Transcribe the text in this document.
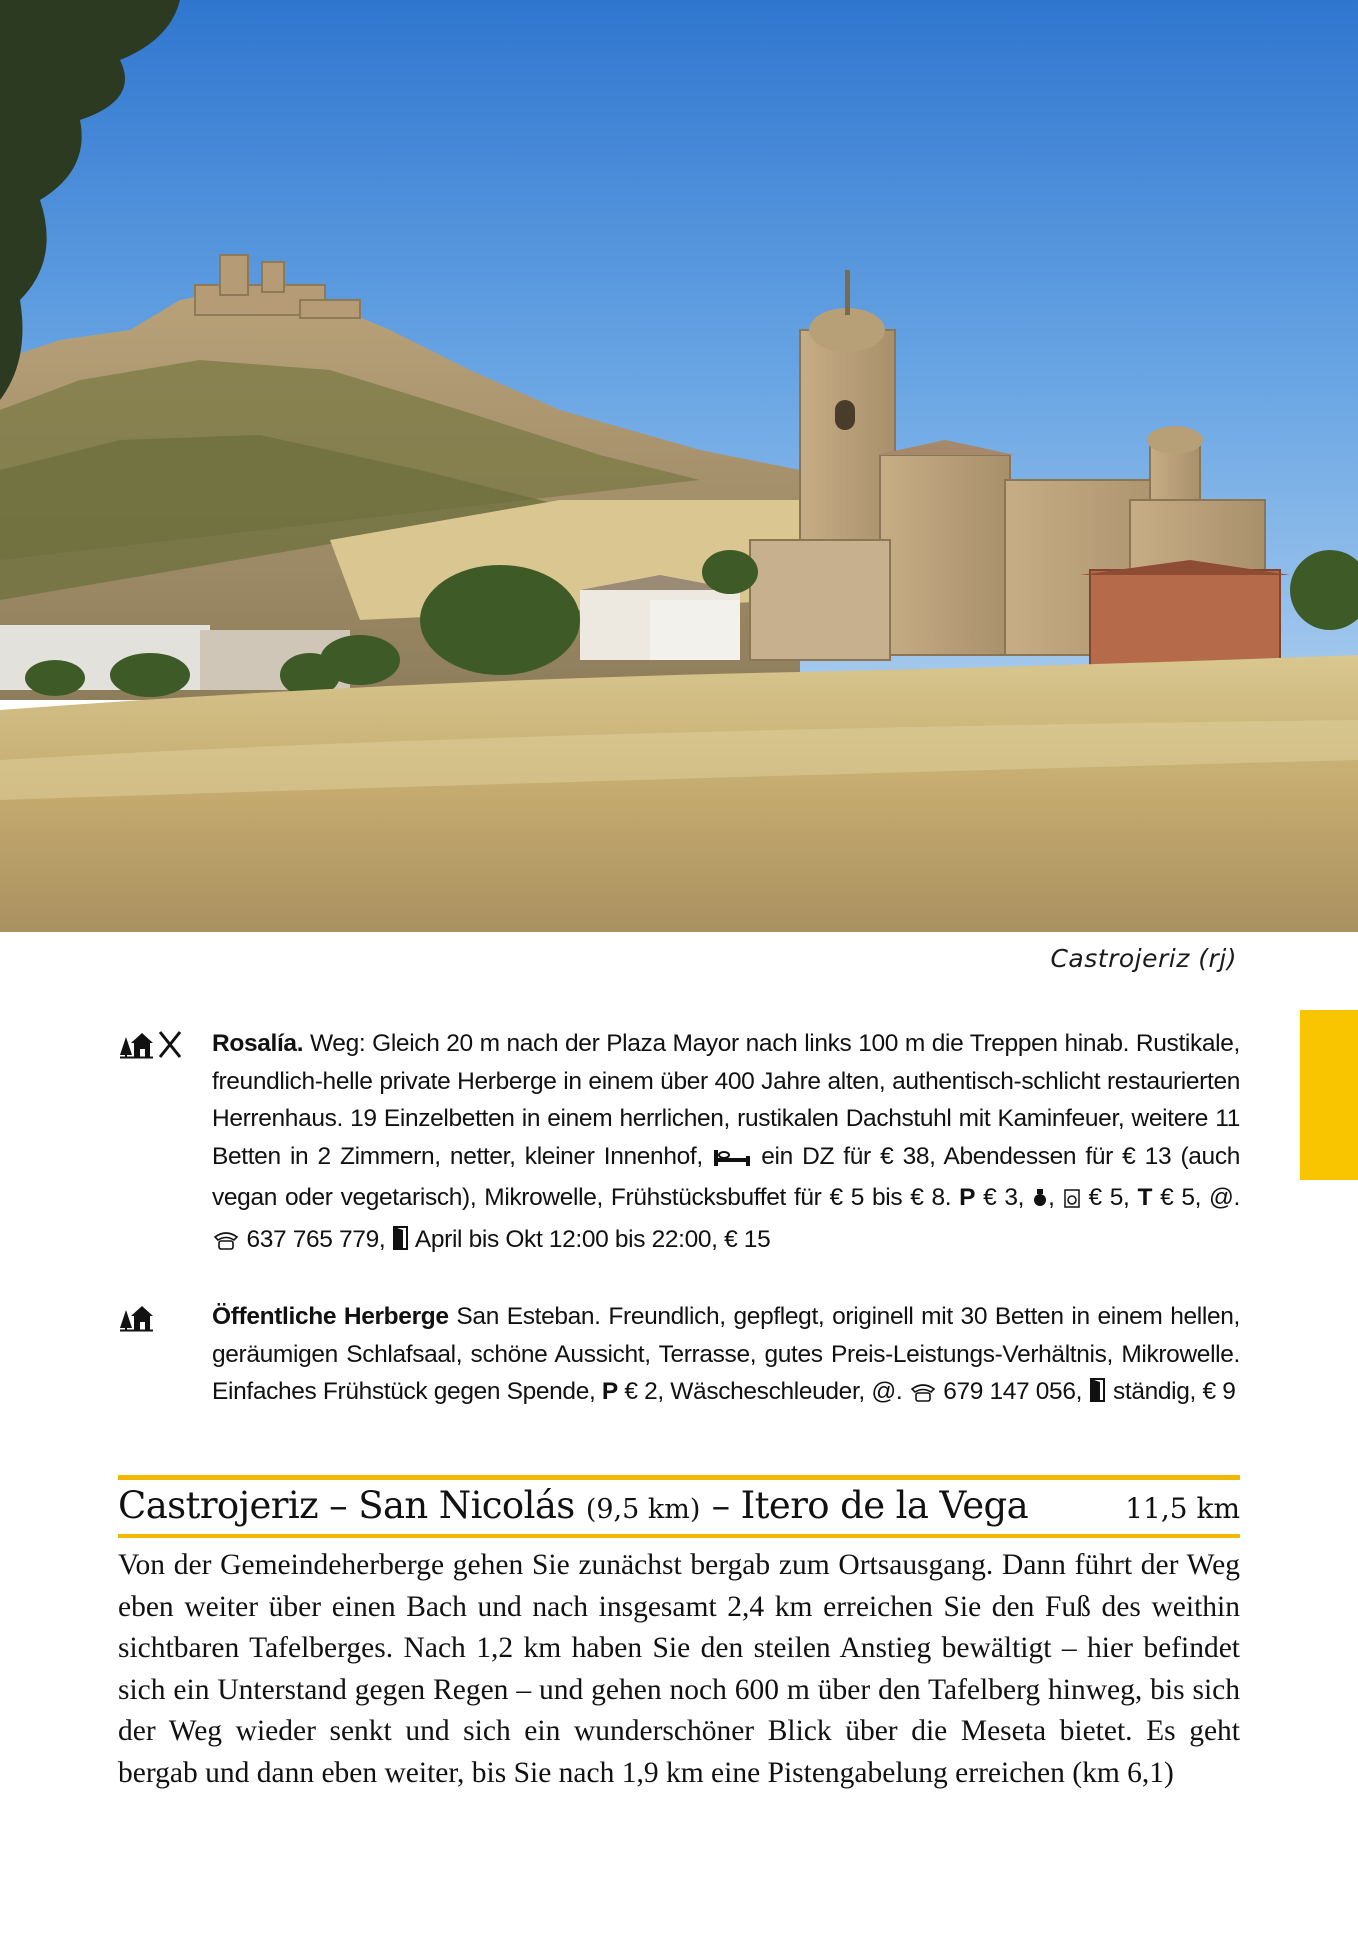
Castrojeriz (rj)
Rosalía. Weg: Gleich 20 m nach der Plaza Mayor nach links 100 m die Treppen hinab. Rustikale, freundlich-helle private Herberge in einem über 400 Jahre alten, authentisch-schlicht restaurierten Herrenhaus. 19 Einzelbetten in einem herrlichen, rustikalen Dachstuhl mit Kaminfeuer, weitere 11 Betten in 2 Zimmern, netter, kleiner Innenhof,  ein DZ für € 38, Abendessen für € 13 (auch vegan oder vegetarisch), Mikrowelle, Frühstücksbuffet für € 5 bis € 8. P € 3, ,  € 5, T € 5, @.  637 765 779,  April bis Okt 12:00 bis 22:00, € 15
Öffentliche Herberge San Esteban. Freundlich, gepflegt, originell mit 30 Betten in einem hellen, geräumigen Schlafsaal, schöne Aussicht, Terrasse, gutes Preis-Leistungs-Verhältnis, Mikrowelle. Einfaches Frühstück gegen Spende, P € 2, Wäscheschleuder, @.  679 147 056,  ständig, € 9
Castrojeriz – San Nicolás (9,5 km) – Itero de la Vega	11,5 km
Von der Gemeindeherberge gehen Sie zunächst bergab zum Ortsausgang. Dann führt der Weg eben weiter über einen Bach und nach insgesamt 2,4 km erreichen Sie den Fuß des weithin sichtbaren Tafelberges. Nach 1,2 km haben Sie den steilen Anstieg bewältigt – hier befindet sich ein Unterstand gegen Regen – und gehen noch 600 m über den Tafelberg hinweg, bis sich der Weg wieder senkt und sich ein wunderschöner Blick über die Meseta bietet. Es geht bergab und dann eben weiter, bis Sie nach 1,9 km eine Pistengabelung erreichen (km 6,1)
